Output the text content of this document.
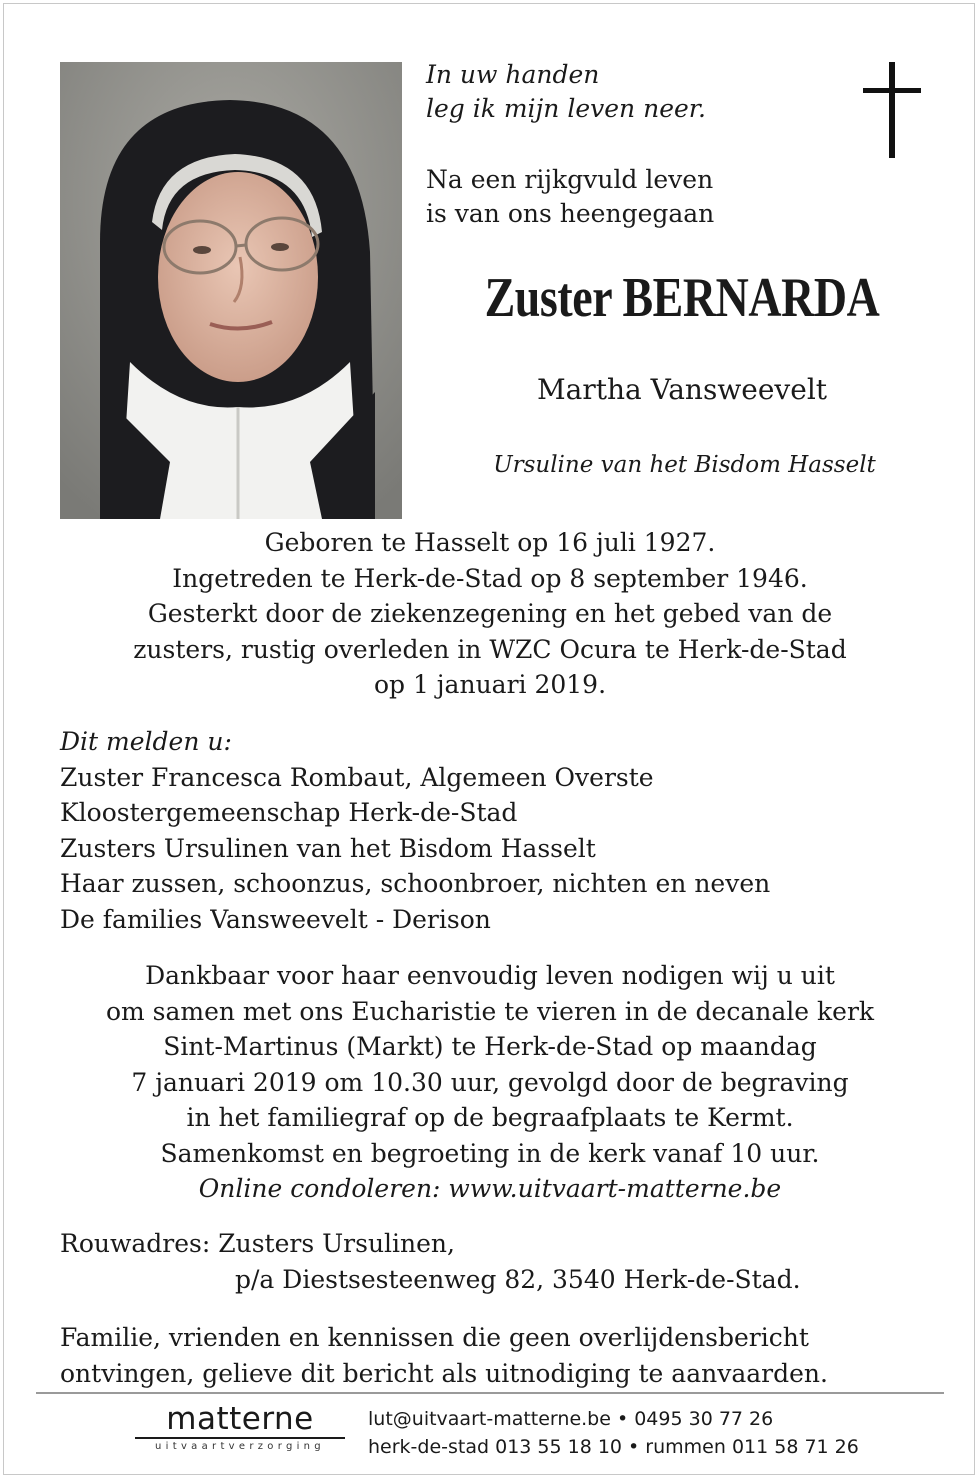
In uw handen
leg ik mijn leven neer.
Na een rijkgvuld leven
is van ons heengegaan
Zuster BERNARDA
Martha Vansweevelt
Ursuline van het Bisdom Hasselt
Geboren te Hasselt op 16 juli 1927.
Ingetreden te Herk-de-Stad op 8 september 1946.
Gesterkt door de ziekenzegening en het gebed van de
zusters, rustig overleden in WZC Ocura te Herk-de-Stad
op 1 januari 2019.
Dit melden u:
Zuster Francesca Rombaut, Algemeen Overste
Kloostergemeenschap Herk-de-Stad
Zusters Ursulinen van het Bisdom Hasselt
Haar zussen, schoonzus, schoonbroer, nichten en neven
De families Vansweevelt - Derison
Dankbaar voor haar eenvoudig leven nodigen wij u uit
om samen met ons Eucharistie te vieren in de decanale kerk
Sint-Martinus (Markt) te Herk-de-Stad op maandag
7 januari 2019 om 10.30 uur, gevolgd door de begraving
in het familiegraf op de begraafplaats te Kermt.
Samenkomst en begroeting in de kerk vanaf 10 uur.
Online condoleren: www.uitvaart-matterne.be
Rouwadres: Zusters Ursulinen,
p/a Diestsesteenweg 82, 3540 Herk-de-Stad.
Familie, vrienden en kennissen die geen overlijdensbericht
ontvingen, gelieve dit bericht als uitnodiging te aanvaarden.
matterne
uitvaartverzorging
lut@uitvaart-matterne.be • 0495 30 77 26
herk-de-stad 013 55 18 10 • rummen 011 58 71 26
